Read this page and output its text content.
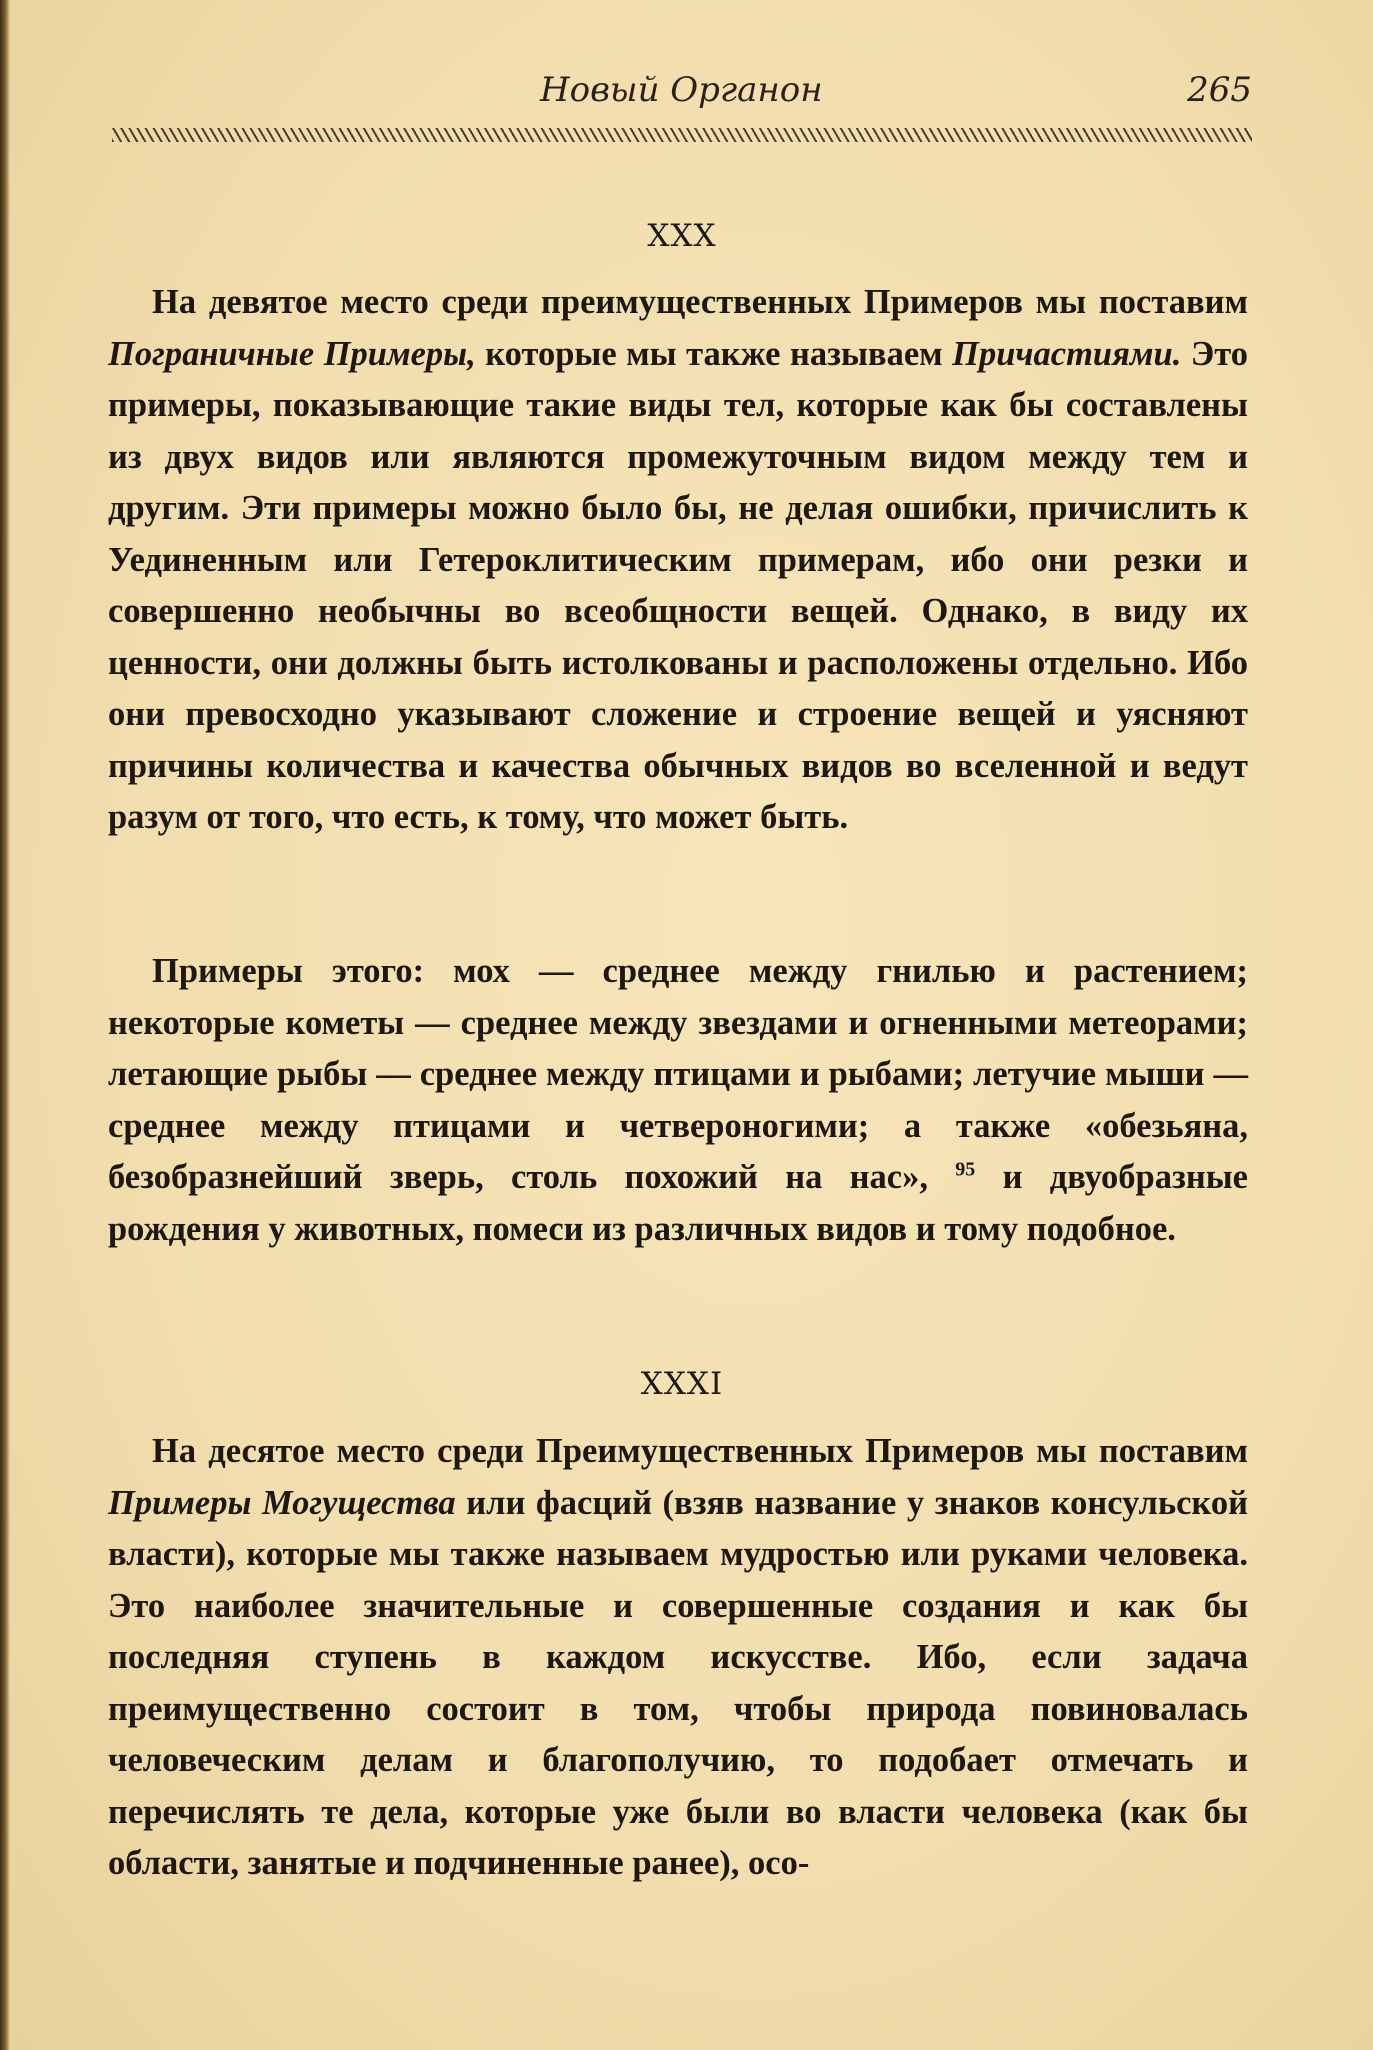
Новый Органон	265
XXX
На девятое место среди преимущественных Примеров мы поставим Пограничные Примеры, которые мы также называем Причастиями. Это примеры, показывающие такие виды тел, которые как бы составлены из двух видов или являются промежуточным видом между тем и другим. Эти примеры можно было бы, не делая ошибки, причислить к Уединенным или Гетероклитическим примерам, ибо они резки и совершенно необычны во всеобщности вещей. Однако, в виду их ценности, они должны быть истолкованы и расположены отдельно. Ибо они превосходно указывают сложение и строение вещей и уясняют причины количества и качества обычных видов во вселенной и ведут разум от того, что есть, к тому, что может быть.
Примеры этого: мох — среднее между гнилью и растением; некоторые кометы — среднее между звездами и огненными метеорами; летающие рыбы — среднее между птицами и рыбами; летучие мыши — среднее между птицами и четвероногими; а также «обезьяна, безобразнейший зверь, столь похожий на нас», $^{95}$ и двуобразные рождения у животных, помеси из различных видов и тому подобное.
XXXI
На десятое место среди Преимущественных Примеров мы поставим Примеры Могущества или фасций (взяв название у знаков консульской власти), которые мы также называем мудростью или руками человека. Это наиболее значительные и совершенные создания и как бы последняя ступень в каждом искусстве. Ибо, если задача преимущественно состоит в том, чтобы природа повиновалась человеческим делам и благополучию, то подобает отмечать и перечислять те дела, которые уже были во власти человека (как бы области, занятые и подчиненные ранее), осо-
